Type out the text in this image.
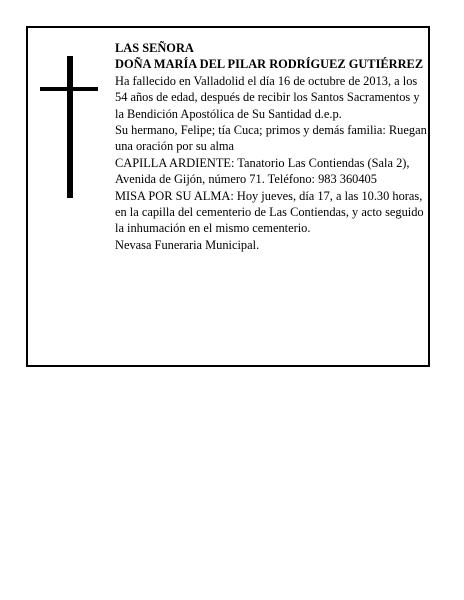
LAS SEÑORA

DOÑA MARÍA DEL PILAR RODRÍGUEZ GUTIÉRREZ

Ha fallecido en Valladolid el día 16 de octubre de 2013, a los 54 años de edad, después de recibir los Santos Sacramentos y la Bendición Apostólica de Su Santidad d.e.p.

Su hermano, Felipe; tía Cuca; primos y demás familia: Ruegan una oración por su alma

CAPILLA ARDIENTE: Tanatorio Las Contiendas (Sala 2), Avenida de Gijón, número 71. Teléfono: 983 360405

MISA POR SU ALMA: Hoy jueves, día 17, a las 10.30 horas, en la capilla del cementerio de Las Contiendas, y acto seguido la inhumación en el mismo cementerio.

Nevasa Funeraria Municipal.
